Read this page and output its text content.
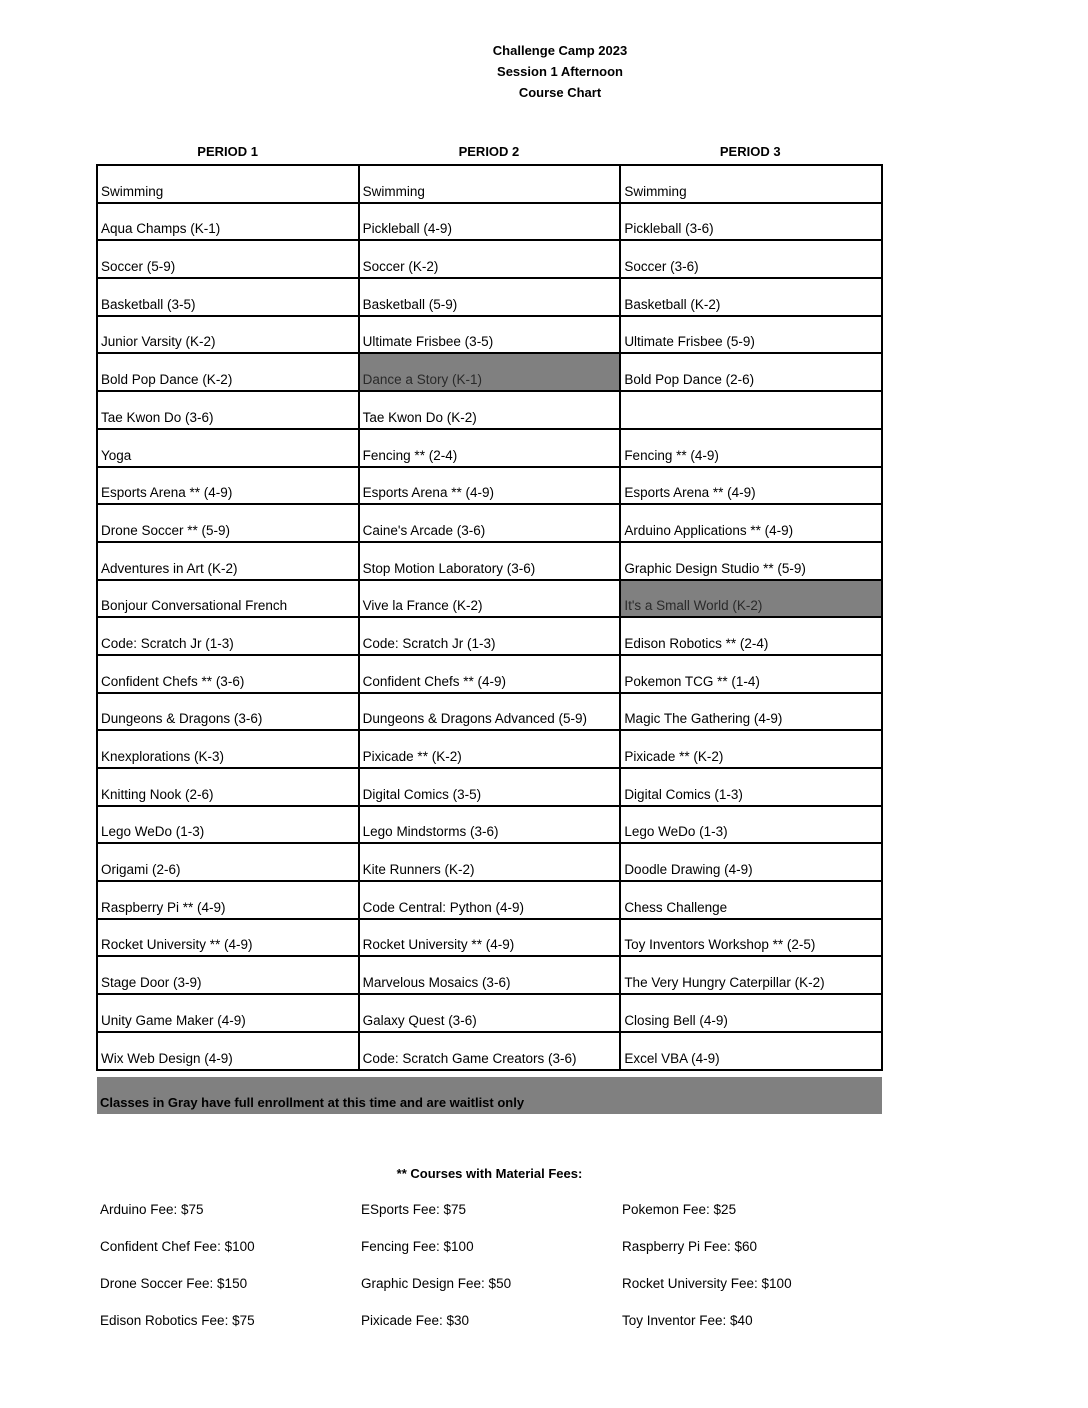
Challenge Camp 2023
Session 1 Afternoon
Course Chart
PERIOD 1	PERIOD 2	PERIOD 3
Swimming	Swimming	Swimming
Aqua Champs (K-1)	Pickleball (4-9)	Pickleball (3-6)
Soccer (5-9)	Soccer (K-2)	Soccer (3-6)
Basketball (3-5)	Basketball (5-9)	Basketball (K-2)
Junior Varsity (K-2)	Ultimate Frisbee (3-5)	Ultimate Frisbee (5-9)
Bold Pop Dance (K-2)	Dance a Story (K-1)	Bold Pop Dance (2-6)
Tae Kwon Do (3-6)	Tae Kwon Do (K-2)	
Yoga	Fencing ** (2-4)	Fencing ** (4-9)
Esports Arena ** (4-9)	Esports Arena ** (4-9)	Esports Arena ** (4-9)
Drone Soccer ** (5-9)	Caine's Arcade (3-6)	Arduino Applications ** (4-9)
Adventures in Art (K-2)	Stop Motion Laboratory (3-6)	Graphic Design Studio ** (5-9)
Bonjour Conversational French	Vive la France (K-2)	It's a Small World (K-2)
Code: Scratch Jr (1-3)	Code: Scratch Jr (1-3)	Edison Robotics ** (2-4)
Confident Chefs ** (3-6)	Confident Chefs ** (4-9)	Pokemon TCG ** (1-4)
Dungeons & Dragons (3-6)	Dungeons & Dragons Advanced (5-9)	Magic The Gathering (4-9)
Knexplorations (K-3)	Pixicade ** (K-2)	Pixicade ** (K-2)
Knitting Nook (2-6)	Digital Comics (3-5)	Digital Comics (1-3)
Lego WeDo (1-3)	Lego Mindstorms (3-6)	Lego WeDo (1-3)
Origami (2-6)	Kite Runners (K-2)	Doodle Drawing (4-9)
Raspberry Pi ** (4-9)	Code Central: Python (4-9)	Chess Challenge
Rocket University ** (4-9)	Rocket University ** (4-9)	Toy Inventors Workshop ** (2-5)
Stage Door (3-9)	Marvelous Mosaics (3-6)	The Very Hungry Caterpillar (K-2)
Unity Game Maker (4-9)	Galaxy Quest (3-6)	Closing Bell (4-9)
Wix Web Design (4-9)	Code: Scratch Game Creators (3-6)	Excel VBA (4-9)
Classes in Gray have full enrollment at this time and are waitlist only
** Courses with Material Fees:
Arduino Fee: $75	ESports Fee: $75	Pokemon Fee: $25
Confident Chef Fee: $100	Fencing Fee: $100	Raspberry Pi Fee: $60
Drone Soccer Fee: $150	Graphic Design Fee: $50	Rocket University Fee: $100
Edison Robotics Fee: $75	Pixicade Fee: $30	Toy Inventor Fee: $40
